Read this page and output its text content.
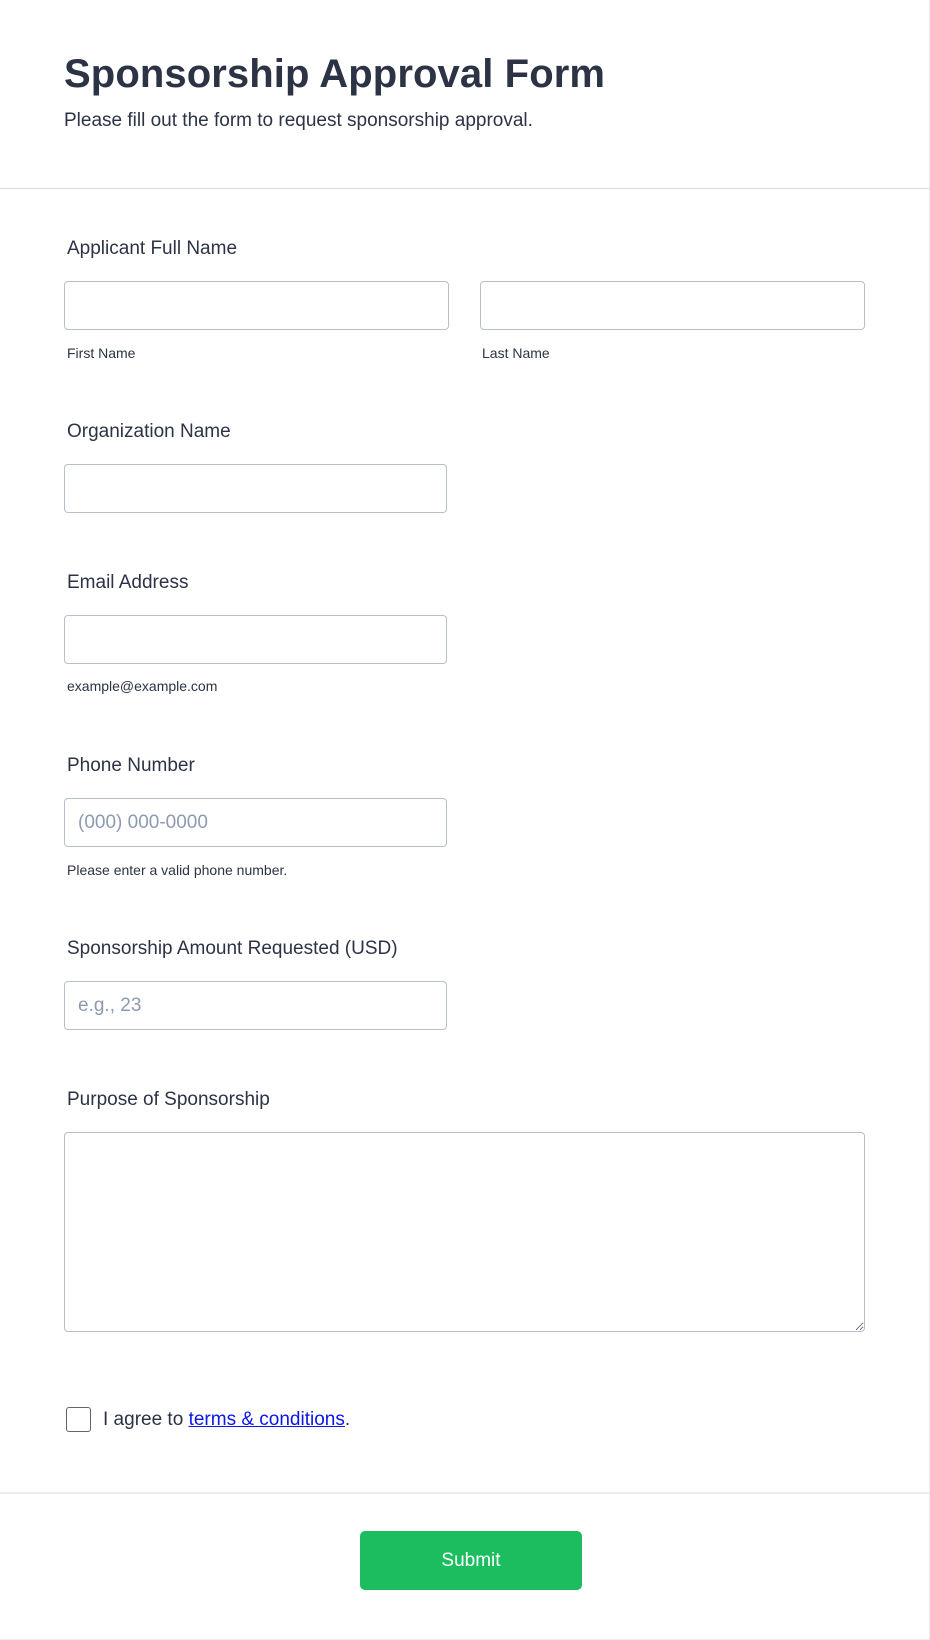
Sponsorship Approval Form

Please fill out the form to request sponsorship approval.

Applicant Full Name
First Name	Last Name
Organization Name
Email Address
example@example.com
Phone Number
(000) 000-0000
Please enter a valid phone number.
Sponsorship Amount Requested (USD)
e.g., 23
Purpose of Sponsorship
I agree to terms & conditions.
Submit
